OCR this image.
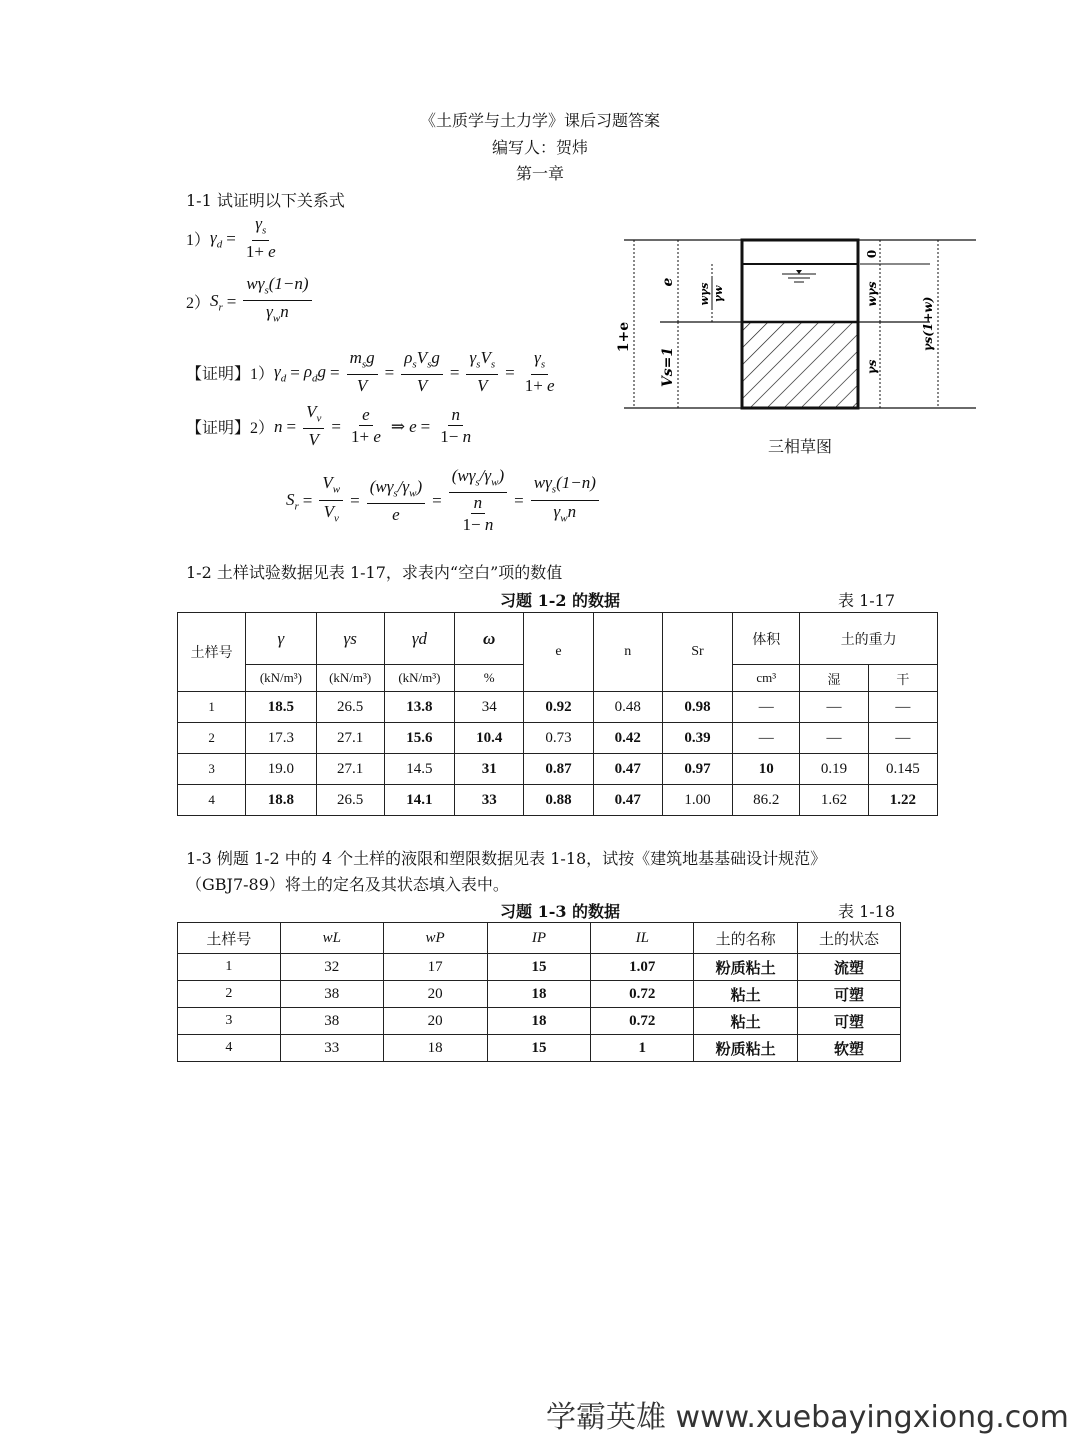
《土质学与土力学》课后习题答案
编写人：贺炜
第一章
1-1 试证明以下关系式
1） $\gamma_d = \frac{\gamma_s}{1+ e}$
2） $S_r = \frac{w\gamma_s(1-n)}{\gamma_wn}$
【证明】1） $\gamma_d = \rho_dg = \frac{m_sg}{V} = \frac{\rho_sV_sg}{V} = \frac{\gamma_sV_s}{V} = \frac{\gamma_s}{1+ e}$
【证明】2） $n = \frac{V_v}{V} = \frac{e}{1+ e}$ ⇒ $e = \frac{n}{1- n}$
$S_r = \frac{V_w}{V_v} = \frac{(w\gamma_s/\gamma_w)}{e} = \frac{(w\gamma_s/\gamma_w)}{\frac{n}{1- n}} = \frac{w\gamma_s(1-n)}{\gamma_wn}$
1+e
e
Vs=1
wγs γw
0
wγs
γs
γs(1+w)
三相草图
1-2 土样试验数据见表 1-17，求表内“空白”项的数值
习题 1-2 的数据	表 1-17
土样号	γ	γs	γd	ω	e	n	Sr	体积	土的重力	
	(kN/m³)	(kN/m³)	(kN/m³)	%				cm³	湿	干
1	18.5	26.5	13.8	34	0.92	0.48	0.98	—	—	—
2	17.3	27.1	15.6	10.4	0.73	0.42	0.39	—	—	—
3	19.0	27.1	14.5	31	0.87	0.47	0.97	10	0.19	0.145
4	18.8	26.5	14.1	33	0.88	0.47	1.00	86.2	1.62	1.22
1-3 例题 1-2 中的 4 个土样的液限和塑限数据见表 1-18，试按《建筑地基基础设计规范》
（GBJ7-89）将土的定名及其状态填入表中。
习题 1-3 的数据	表 1-18
土样号	wL	wP	IP	IL	土的名称	土的状态
1	32	17	15	1.07	粉质粘土	流塑
2	38	20	18	0.72	粘土	可塑
3	38	20	18	0.72	粘土	可塑
4	33	18	15	1	粉质粘土	软塑
学霸英雄 www.xuebayingxiong.com
